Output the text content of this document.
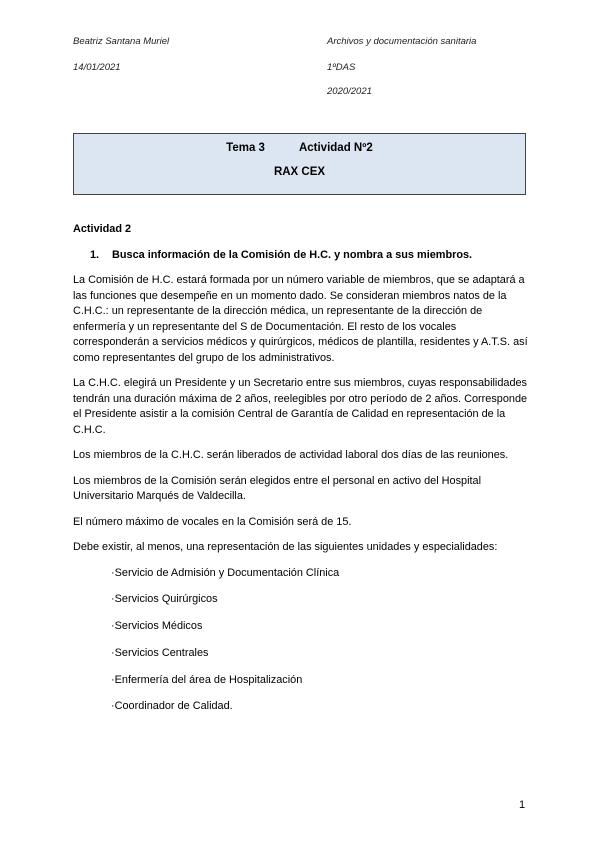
Beatriz Santana Muriel
14/01/2021
Archivos y documentación sanitaria
1ºDAS
2020/2021
Tema 3	Actividad Nº2
RAX CEX
Actividad 2
1. Busca información de la Comisión de H.C. y nombra a sus miembros.
La Comisión de H.C. estará formada por un número variable de miembros, que se adaptará a las funciones que desempeñe en un momento dado. Se consideran miembros natos de la C.H.C.: un representante de la dirección médica, un representante de la dirección de enfermería y un representante del S de Documentación. El resto de los vocales corresponderán a servicios médicos y quirúrgicos, médicos de plantilla, residentes y A.T.S. así como representantes del grupo de los administrativos.
La C.H.C. elegirá un Presidente y un Secretario entre sus miembros, cuyas responsabilidades tendrán una duración máxima de 2 años, reelegibles por otro período de 2 años. Corresponde el Presidente asistir a la comisión Central de Garantía de Calidad en representación de la C.H.C.
Los miembros de la C.H.C. serán liberados de actividad laboral dos días de las reuniones.
Los miembros de la Comisión serán elegidos entre el personal en activo del Hospital Universitario Marqués de Valdecilla.
El número máximo de vocales en la Comisión será de 15.
Debe existir, al menos, una representación de las siguientes unidades y especialidades:
·Servicio de Admisión y Documentación Clínica
·Servicios Quirúrgicos
·Servicios Médicos
·Servicios Centrales
·Enfermería del área de Hospitalización
·Coordinador de Calidad.
1
